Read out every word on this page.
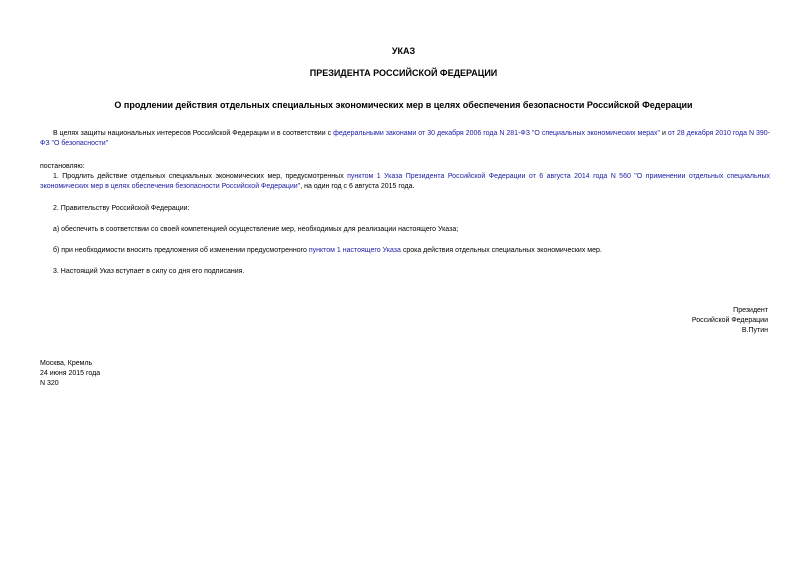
УКАЗ
ПРЕЗИДЕНТА РОССИЙСКОЙ ФЕДЕРАЦИИ
О продлении действия отдельных специальных экономических мер в целях обеспечения безопасности Российской Федерации
В целях защиты национальных интересов Российской Федерации и в соответствии с федеральными законами от 30 декабря 2006 года N 281-ФЗ "О специальных экономических мерах" и от 28 декабря 2010 года N 390-ФЗ "О безопасности"
постановляю:
1. Продлить действие отдельных специальных экономических мер, предусмотренных пунктом 1 Указа Президента Российской Федерации от 6 августа 2014 года N 560 "О применении отдельных специальных экономических мер в целях обеспечения безопасности Российской Федерации", на один год с 6 августа 2015 года.
2. Правительству Российской Федерации:
а) обеспечить в соответствии со своей компетенцией осуществление мер, необходимых для реализации настоящего Указа;
б) при необходимости вносить предложения об изменении предусмотренного пунктом 1 настоящего Указа срока действия отдельных специальных экономических мер.
3. Настоящий Указ вступает в силу со дня его подписания.
Президент
Российской Федерации
В.Путин
Москва, Кремль
24 июня 2015 года
N 320
